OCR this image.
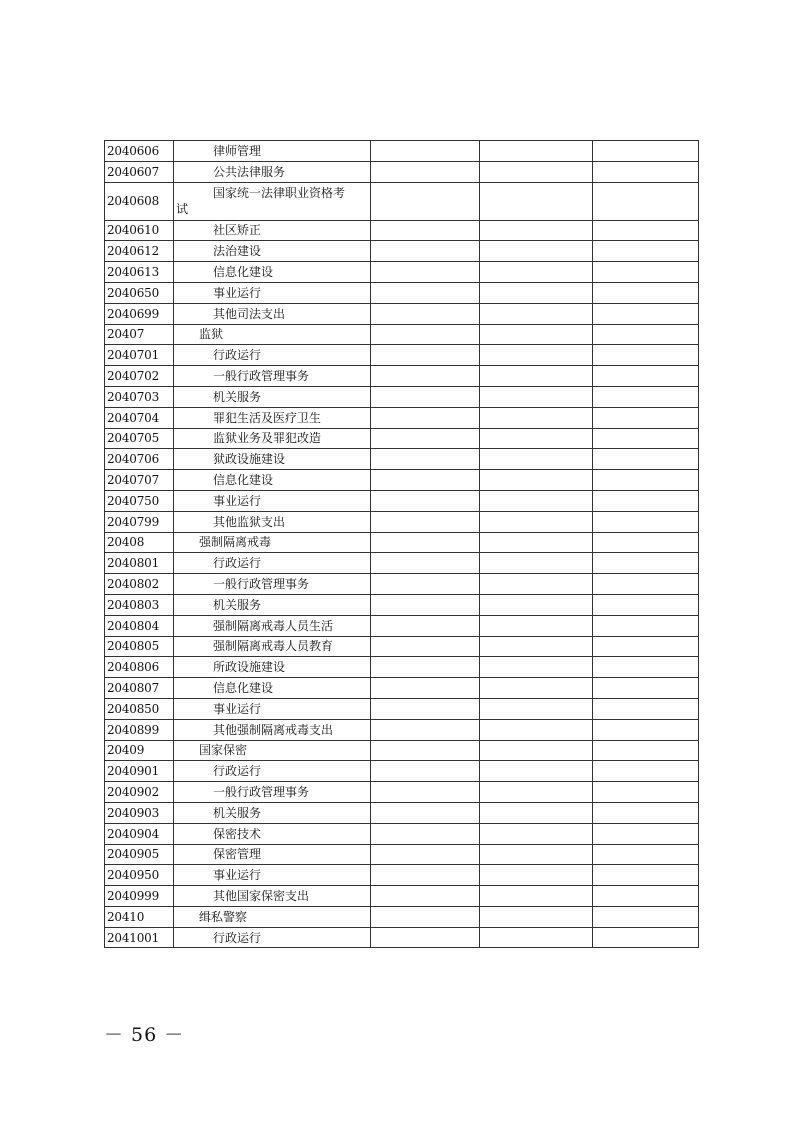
2040606	律师管理			
2040607	公共法律服务			
2040608	国家统一法律职业资格考
试			

2040610	社区矫正			
2040612	法治建设			
2040613	信息化建设			
2040650	事业运行			
2040699	其他司法支出			
20407	监狱			
2040701	行政运行			
2040702	一般行政管理事务			
2040703	机关服务			
2040704	罪犯生活及医疗卫生			
2040705	监狱业务及罪犯改造			
2040706	狱政设施建设			
2040707	信息化建设			
2040750	事业运行			
2040799	其他监狱支出			
20408	强制隔离戒毒			
2040801	行政运行			
2040802	一般行政管理事务			
2040803	机关服务			
2040804	强制隔离戒毒人员生活			
2040805	强制隔离戒毒人员教育			
2040806	所政设施建设			
2040807	信息化建设			
2040850	事业运行			
2040899	其他强制隔离戒毒支出			
20409	国家保密			
2040901	行政运行			
2040902	一般行政管理事务			
2040903	机关服务			
2040904	保密技术			
2040905	保密管理			
2040950	事业运行			
2040999	其他国家保密支出			
20410	缉私警察			
2041001	行政运行			
－ 56 －
